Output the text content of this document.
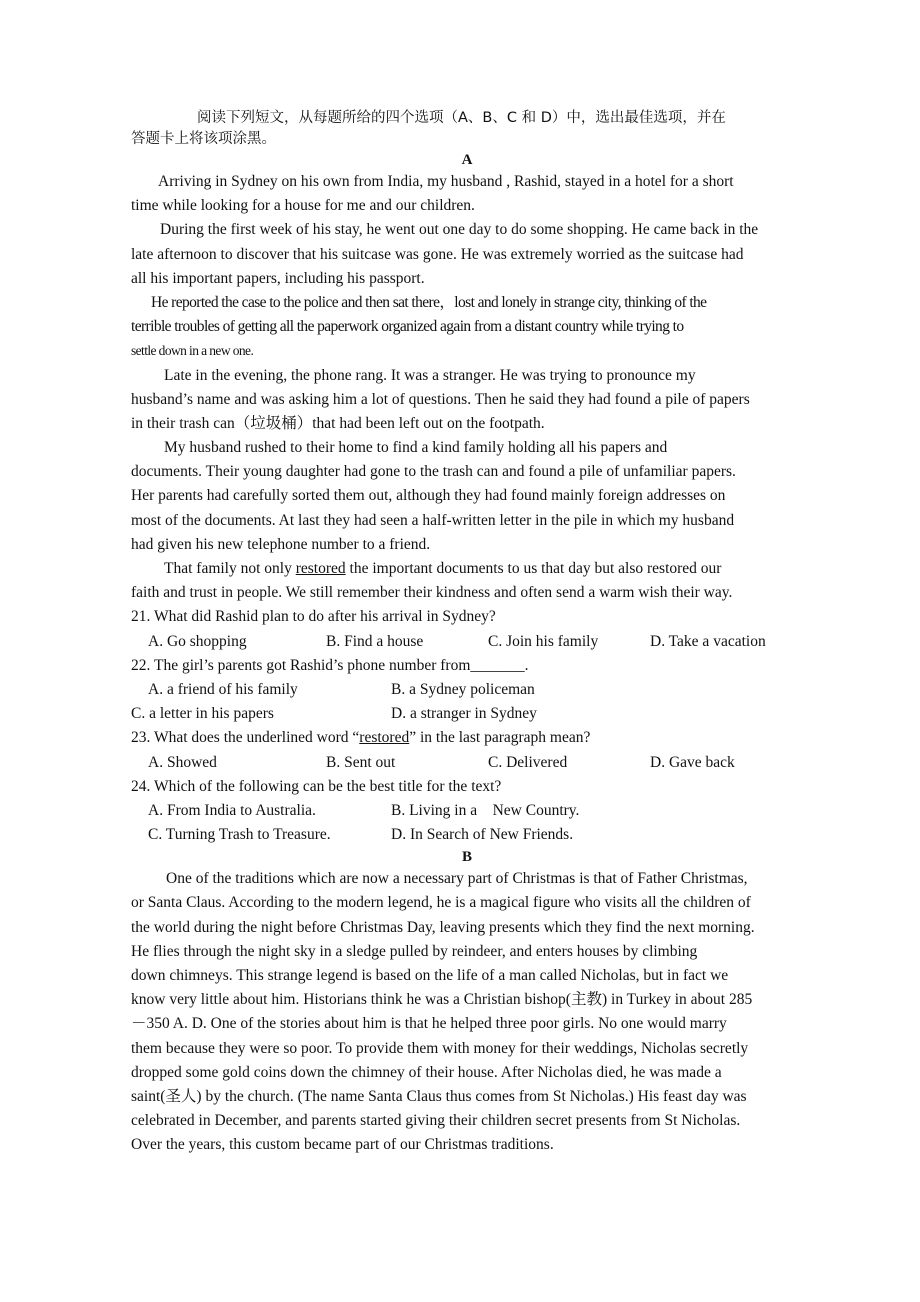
阅读下列短文，从每题所给的四个选项（A、B、C 和 D）中，选出最佳选项，并在
答题卡上将该项涂黑。
A
Arriving in Sydney on his own from India, my husband , Rashid, stayed in a hotel for a short
time while looking for a house for me and our children.
During the first week of his stay, he went out one day to do some shopping. He came back in the
late afternoon to discover that his suitcase was gone. He was extremely worried as the suitcase had
all his important papers, including his passport.
He reported the case to the police and then sat there，lost and lonely in strange city, thinking of the
terrible troubles of getting all the paperwork organized again from a distant country while trying to
settle down in a new one.
Late in the evening, the phone rang. It was a stranger. He was trying to pronounce my
husband’s name and was asking him a lot of questions. Then he said they had found a pile of papers
in their trash can（垃圾桶）that had been left out on the footpath.
My husband rushed to their home to find a kind family holding all his papers and
documents. Their young daughter had gone to the trash can and found a pile of unfamiliar papers.
Her parents had carefully sorted them out, although they had found mainly foreign addresses on
most of the documents. At last they had seen a half-written letter in the pile in which my husband
had given his new telephone number to a friend.
That family not only restored the important documents to us that day but also restored our
faith and trust in people. We still remember their kindness and often send a warm wish their way.
21. What did Rashid plan to do after his arrival in Sydney?
A. Go shopping	B. Find a house	C. Join his family	D. Take a vacation
22. The girl’s parents got Rashid’s phone number from_______.
A. a friend of his family	B. a Sydney policeman
C. a letter in his papers	D. a stranger in Sydney
23. What does the underlined word “restored” in the last paragraph mean?
A. Showed	B. Sent out	C. Delivered	D. Gave back
24. Which of the following can be the best title for the text?
A. From India to Australia.	B. Living in a    New Country.
C. Turning Trash to Treasure.	D. In Search of New Friends.
B
One of the traditions which are now a necessary part of Christmas is that of Father Christmas,
or Santa Claus. According to the modern legend, he is a magical figure who visits all the children of
the world during the night before Christmas Day, leaving presents which they find the next morning.
He flies through the night sky in a sledge pulled by reindeer, and enters houses by climbing
down chimneys. This strange legend is based on the life of a man called Nicholas, but in fact we
know very little about him. Historians think he was a Christian bishop(主教) in Turkey in about 285
－350 A. D. One of the stories about him is that he helped three poor girls. No one would marry
them because they were so poor. To provide them with money for their weddings, Nicholas secretly
dropped some gold coins down the chimney of their house. After Nicholas died, he was made a
saint(圣人) by the church. (The name Santa Claus thus comes from St Nicholas.) His feast day was
celebrated in December, and parents started giving their children secret presents from St Nicholas.
Over the years, this custom became part of our Christmas traditions.
